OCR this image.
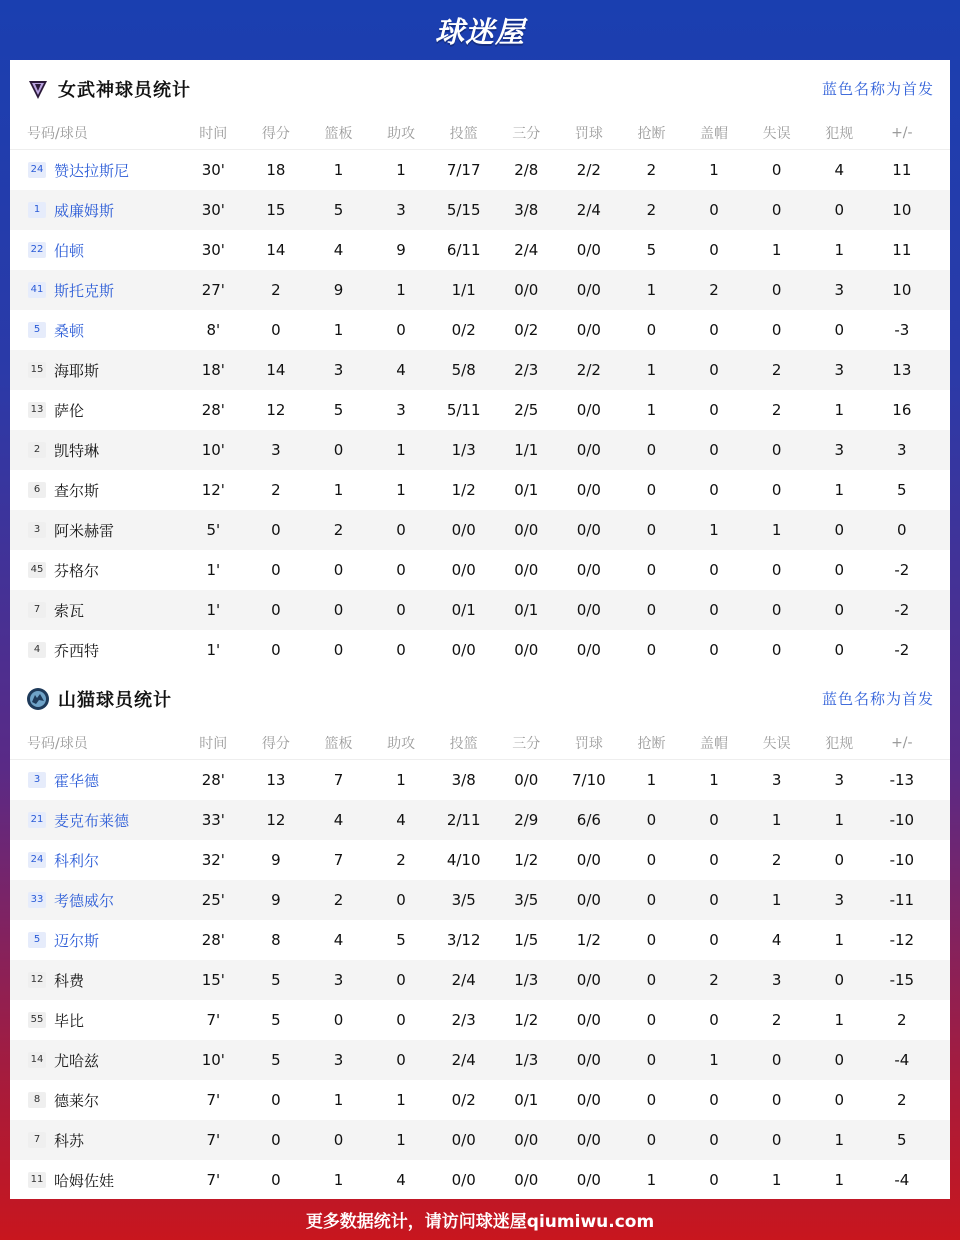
球迷屋
女武神球员统计	蓝色名称为首发
号码/球员	时间	得分	篮板	助攻	投篮	三分	罚球	抢断	盖帽	失误	犯规	+/-
24 赞达拉斯尼	30'	18	1	1	7/17	2/8	2/2	2	1	0	4	11
1 威廉姆斯	30'	15	5	3	5/15	3/8	2/4	2	0	0	0	10
22 伯顿	30'	14	4	9	6/11	2/4	0/0	5	0	1	1	11
41 斯托克斯	27'	2	9	1	1/1	0/0	0/0	1	2	0	3	10
5 桑顿	8'	0	1	0	0/2	0/2	0/0	0	0	0	0	-3
15 海耶斯	18'	14	3	4	5/8	2/3	2/2	1	0	2	3	13
13 萨伦	28'	12	5	3	5/11	2/5	0/0	1	0	2	1	16
2 凯特琳	10'	3	0	1	1/3	1/1	0/0	0	0	0	3	3
6 查尔斯	12'	2	1	1	1/2	0/1	0/0	0	0	0	1	5
3 阿米赫雷	5'	0	2	0	0/0	0/0	0/0	0	1	1	0	0
45 芬格尔	1'	0	0	0	0/0	0/0	0/0	0	0	0	0	-2
7 索瓦	1'	0	0	0	0/1	0/1	0/0	0	0	0	0	-2
4 乔西特	1'	0	0	0	0/0	0/0	0/0	0	0	0	0	-2
山猫球员统计	蓝色名称为首发
号码/球员	时间	得分	篮板	助攻	投篮	三分	罚球	抢断	盖帽	失误	犯规	+/-
3 霍华德	28'	13	7	1	3/8	0/0	7/10	1	1	3	3	-13
21 麦克布莱德	33'	12	4	4	2/11	2/9	6/6	0	0	1	1	-10
24 科利尔	32'	9	7	2	4/10	1/2	0/0	0	0	2	0	-10
33 考德威尔	25'	9	2	0	3/5	3/5	0/0	0	0	1	3	-11
5 迈尔斯	28'	8	4	5	3/12	1/5	1/2	0	0	4	1	-12
12 科费	15'	5	3	0	2/4	1/3	0/0	0	2	3	0	-15
55 毕比	7'	5	0	0	2/3	1/2	0/0	0	0	2	1	2
14 尤哈兹	10'	5	3	0	2/4	1/3	0/0	0	1	0	0	-4
8 德莱尔	7'	0	1	1	0/2	0/1	0/0	0	0	0	0	2
7 科苏	7'	0	0	1	0/0	0/0	0/0	0	0	0	1	5
11 哈姆佐娃	7'	0	1	4	0/0	0/0	0/0	1	0	1	1	-4
更多数据统计，请访问球迷屋qiumiwu.com
